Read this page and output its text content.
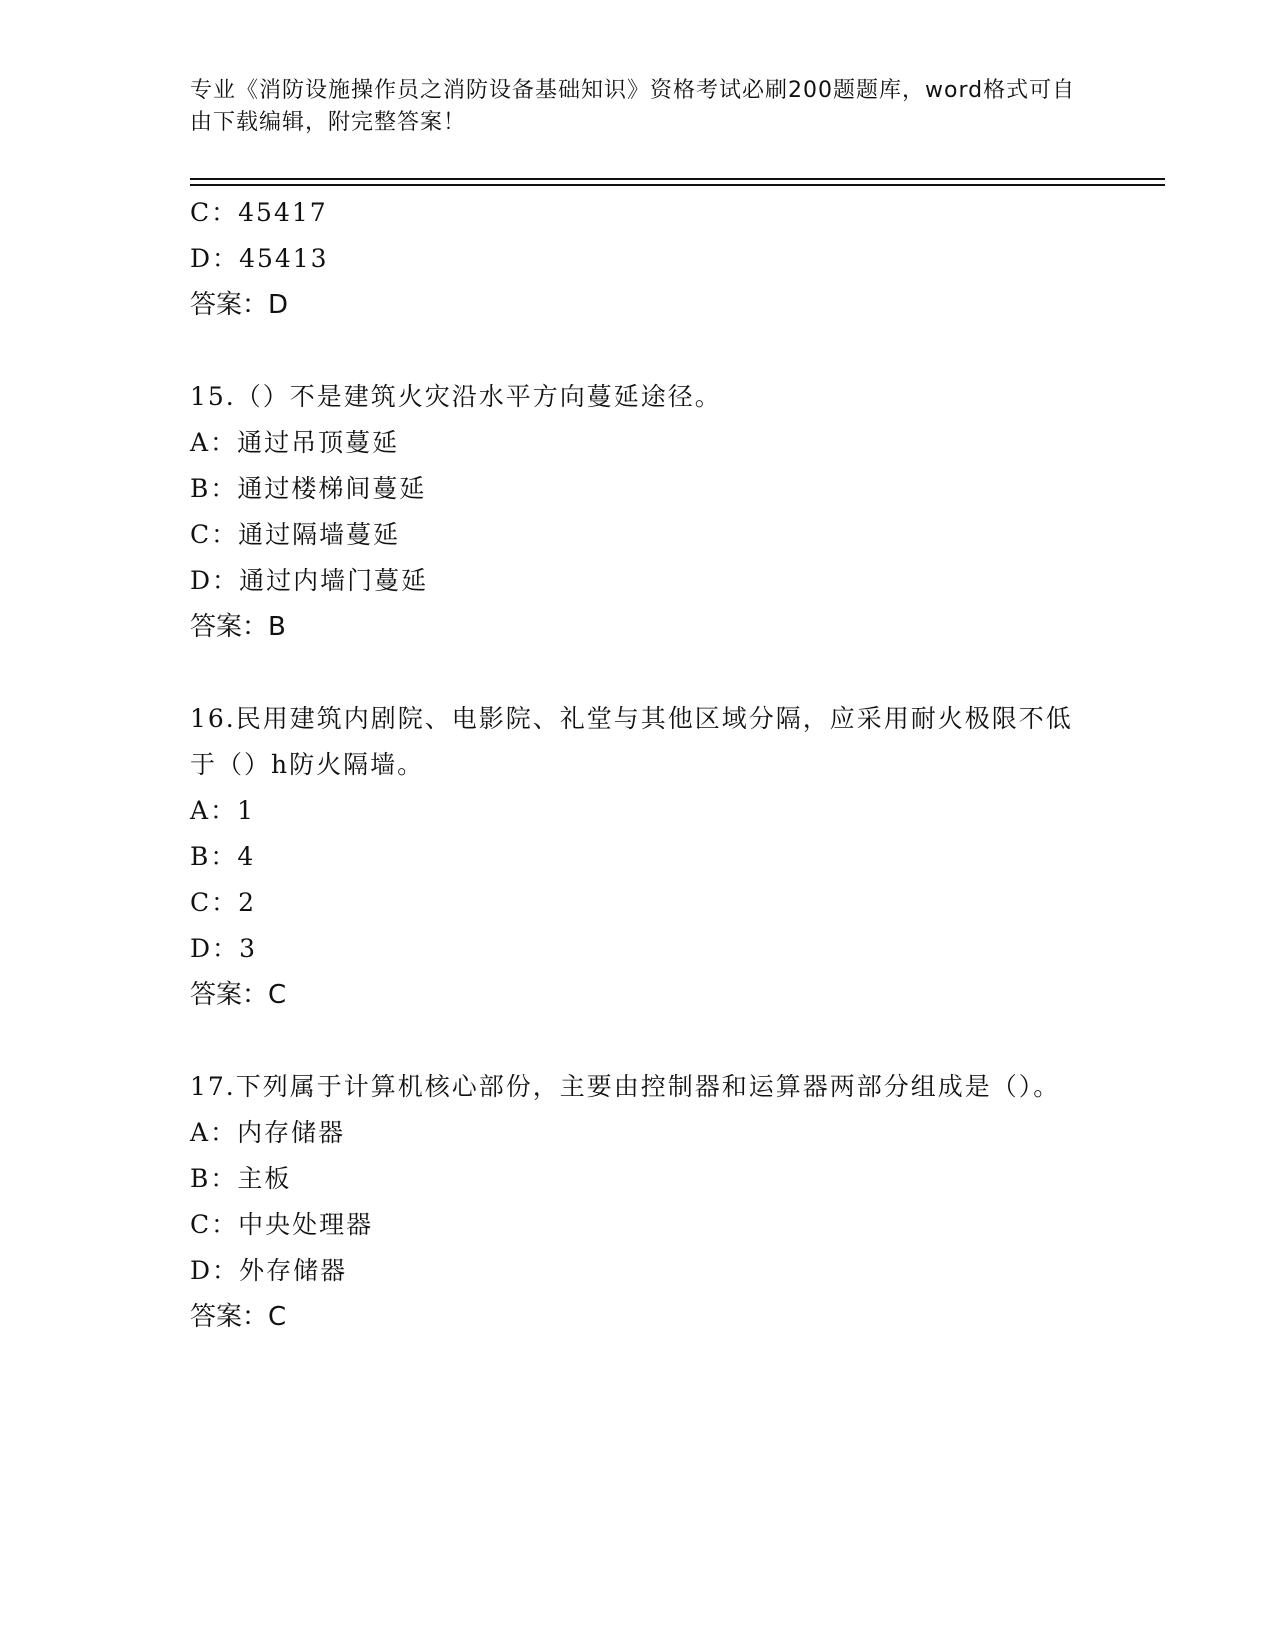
专业《消防设施操作员之消防设备基础知识》资格考试必刷200题题库，word格式可自由下载编辑，附完整答案！
C：45417
D：45413
答案：D
15.（）不是建筑火灾沿水平方向蔓延途径。
A：通过吊顶蔓延
B：通过楼梯间蔓延
C：通过隔墙蔓延
D：通过内墙门蔓延
答案：B
16.民用建筑内剧院、电影院、礼堂与其他区域分隔，应采用耐火极限不低于（）h防火隔墙。
A：1
B：4
C：2
D：3
答案：C
17.下列属于计算机核心部份，主要由控制器和运算器两部分组成是（）。
A：内存储器
B：主板
C：中央处理器
D：外存储器
答案：C
